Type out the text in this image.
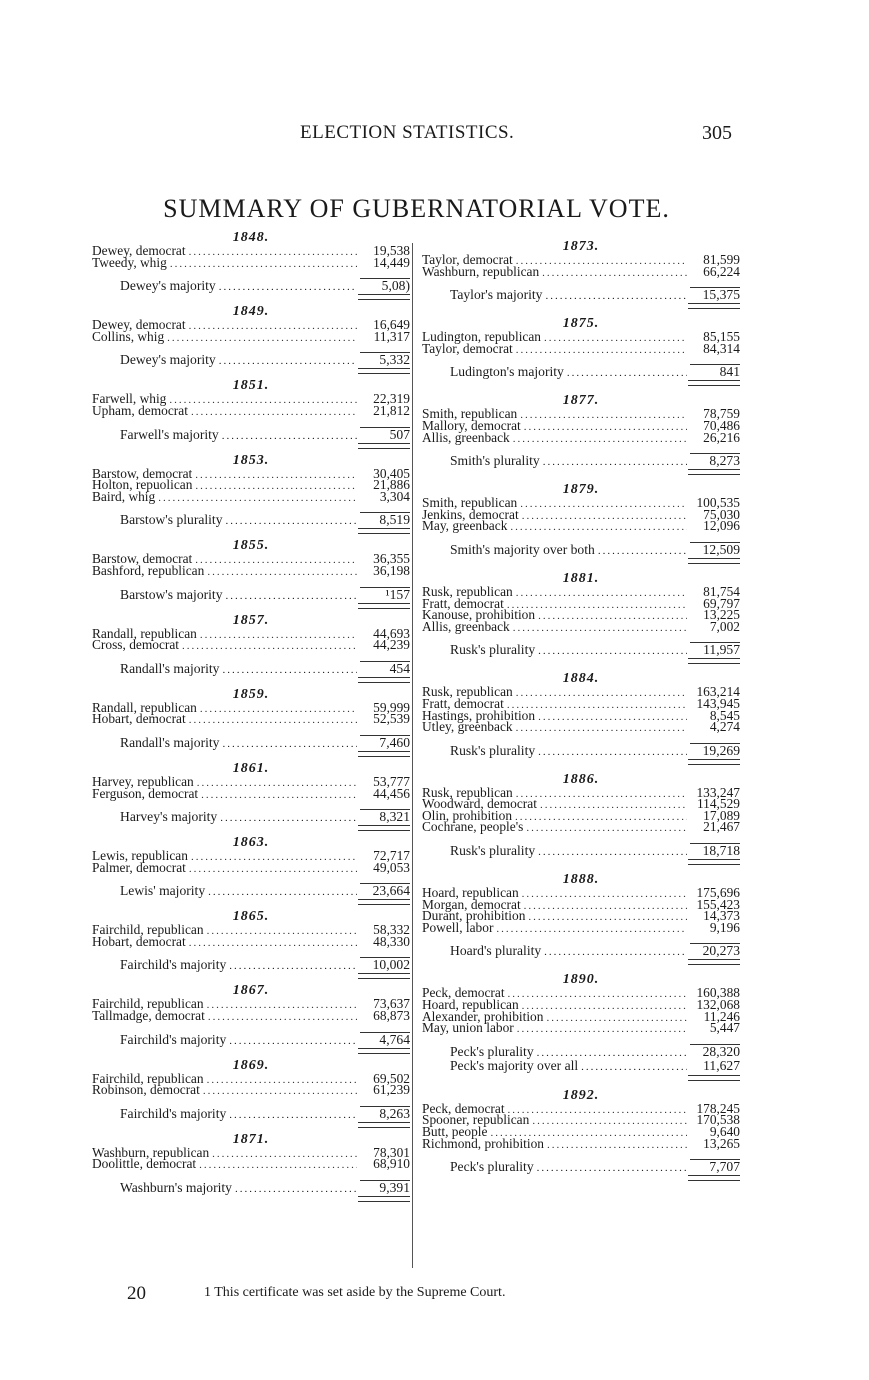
ELECTION STATISTICS.	305
SUMMARY OF GUBERNATORIAL VOTE.
1848.
Dewey, democrat .....	19,538
Tweedy, whig .....	14,449
Dewey's majority .....	5,08)
1849.
Dewey, democrat .....	16,649
Collins, whig .....	11,317
Dewey's majority .....	5,332
1851.
Farwell, whig .....	22,319
Upham, democrat .....	21,812
Farwell's majority .....	507
1853.
Barstow, democrat .....	30,405
Holton, repuolican .....	21,886
Baird, whig .....	3,304
Barstow's plurality .....	8,519
1855.
Barstow, democrat .....	36,355
Bashford, republican .....	36,198
Barstow's majority .....	¹157
1857.
Randall, republican .....	44,693
Cross, democrat .....	44,239
Randall's majority .....	454
1859.
Randall, republican .....	59,999
Hobart, democrat .....	52,539
Randall's majority .....	7,460
1861.
Harvey, republican .....	53,777
Ferguson, democrat .....	44,456
Harvey's majority .....	8,321
1863.
Lewis, republican .....	72,717
Palmer, democrat .....	49,053
Lewis' majority .....	23,664
1865.
Fairchild, republican .....	58,332
Hobart, democrat .....	48,330
Fairchild's majority .....	10,002
1867.
Fairchild, republican .....	73,637
Tallmadge, democrat .....	68,873
Fairchild's majority .....	4,764
1869.
Fairchild, republican .....	69,502
Robinson, democrat .....	61,239
Fairchild's majority .....	8,263
1871.
Washburn, republican .....	78,301
Doolittle, democrat .....	68,910
Washburn's majority .....	9,391
1873.
Taylor, democrat .....	81,599
Washburn, republican .....	66,224
Taylor's majority .....	15,375
1875.
Ludington, republican .....	85,155
Taylor, democrat .....	84,314
Ludington's majority .....	841
1877.
Smith, republican .....	78,759
Mallory, democrat .....	70,486
Allis, greenback .....	26,216
Smith's plurality .....	8,273
1879.
Smith, republican .....	100,535
Jenkins, democrat .....	75,030
May, greenback .....	12,096
Smith's majority over both .....	12,509
1881.
Rusk, republican .....	81,754
Fratt, democrat .....	69,797
Kanouse, prohibition .....	13,225
Allis, greenback .....	7,002
Rusk's plurality .....	11,957
1884.
Rusk, republican .....	163,214
Fratt, democrat .....	143,945
Hastings, prohibition .....	8,545
Utley, greenback .....	4,274
Rusk's plurality .....	19,269
1886.
Rusk, republican .....	133,247
Woodward, democrat .....	114,529
Olin, prohibition .....	17,089
Cochrane, people's .....	21,467
Rusk's plurality .....	18,718
1888.
Hoard, republican .....	175,696
Morgan, democrat .....	155,423
Durant, prohibition .....	14,373
Powell, labor .....	9,196
Hoard's plurality .....	20,273
1890.
Peck, democrat .....	160,388
Hoard, republican .....	132,068
Alexander, prohibition .....	11,246
May, union labor .....	5,447
Peck's plurality .....	28,320
Peck's majority over all .....	11,627
1892.
Peck, democrat .....	178,245
Spooner, republican .....	170,538
Butt, people .....	9,640
Richmond, prohibition .....	13,265
Peck's plurality .....	7,707
20	1 This certificate was set aside by the Supreme Court.
